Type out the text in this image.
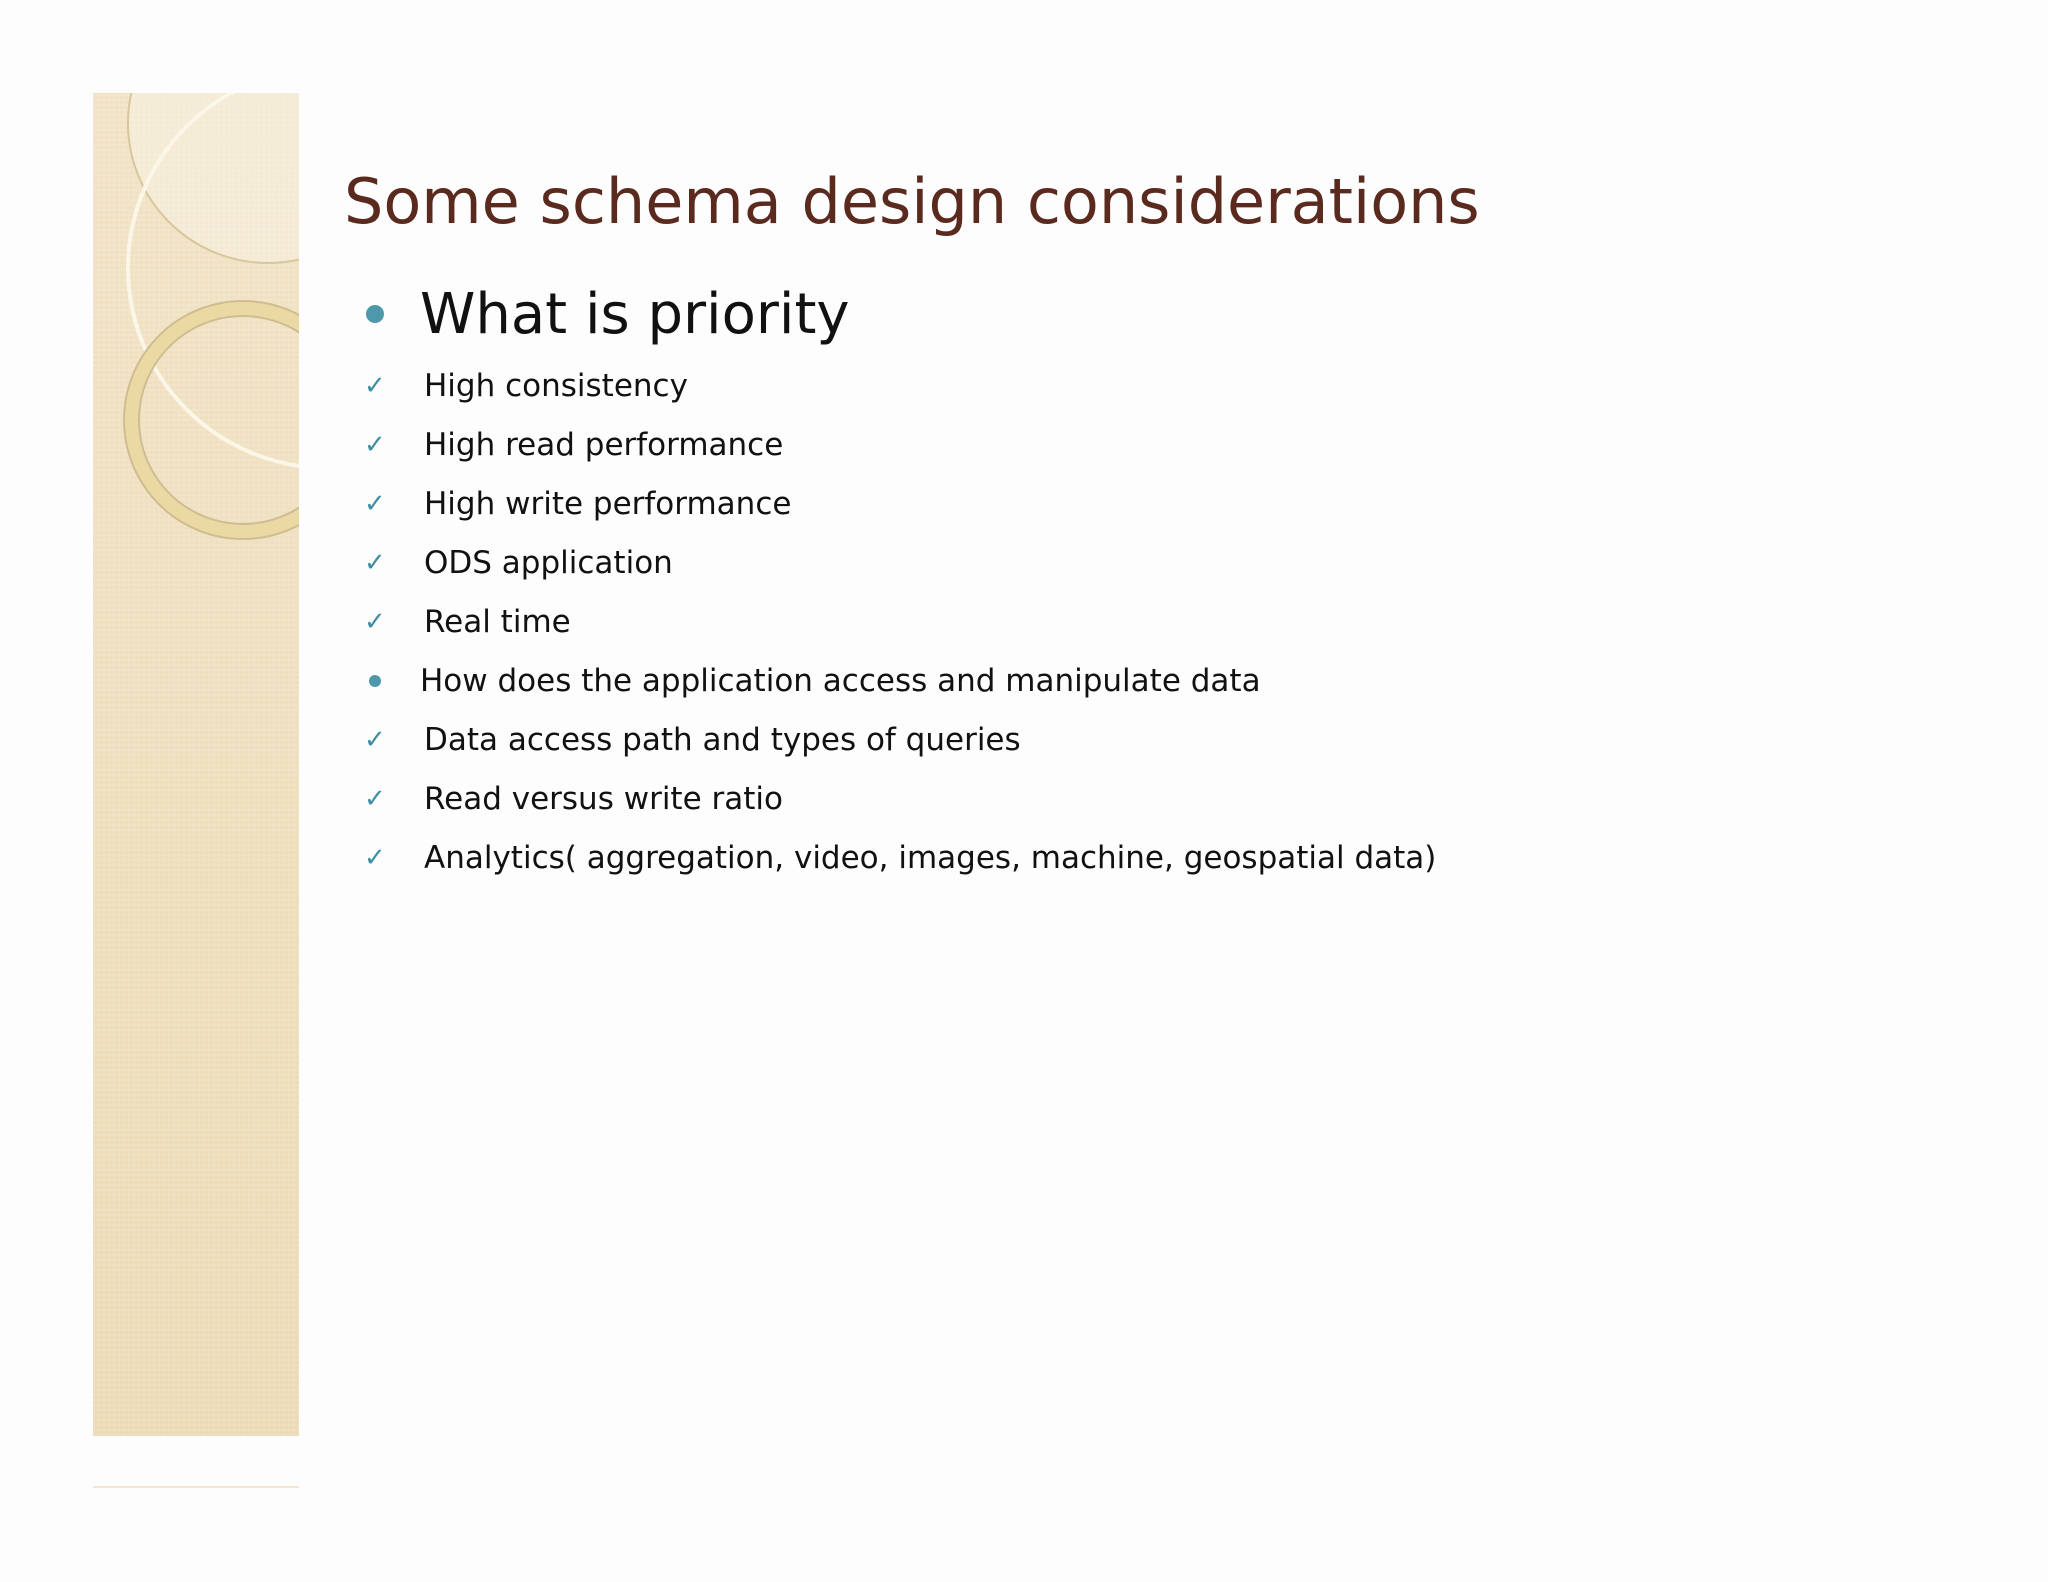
Some schema design considerations
What is priority
✓	High consistency
✓	High read performance
✓	High write performance
✓	ODS application
✓	Real time
How does the application access and manipulate data
✓	Data access path and types of queries
✓	Read versus write ratio
✓	Analytics( aggregation, video, images, machine, geospatial data)
